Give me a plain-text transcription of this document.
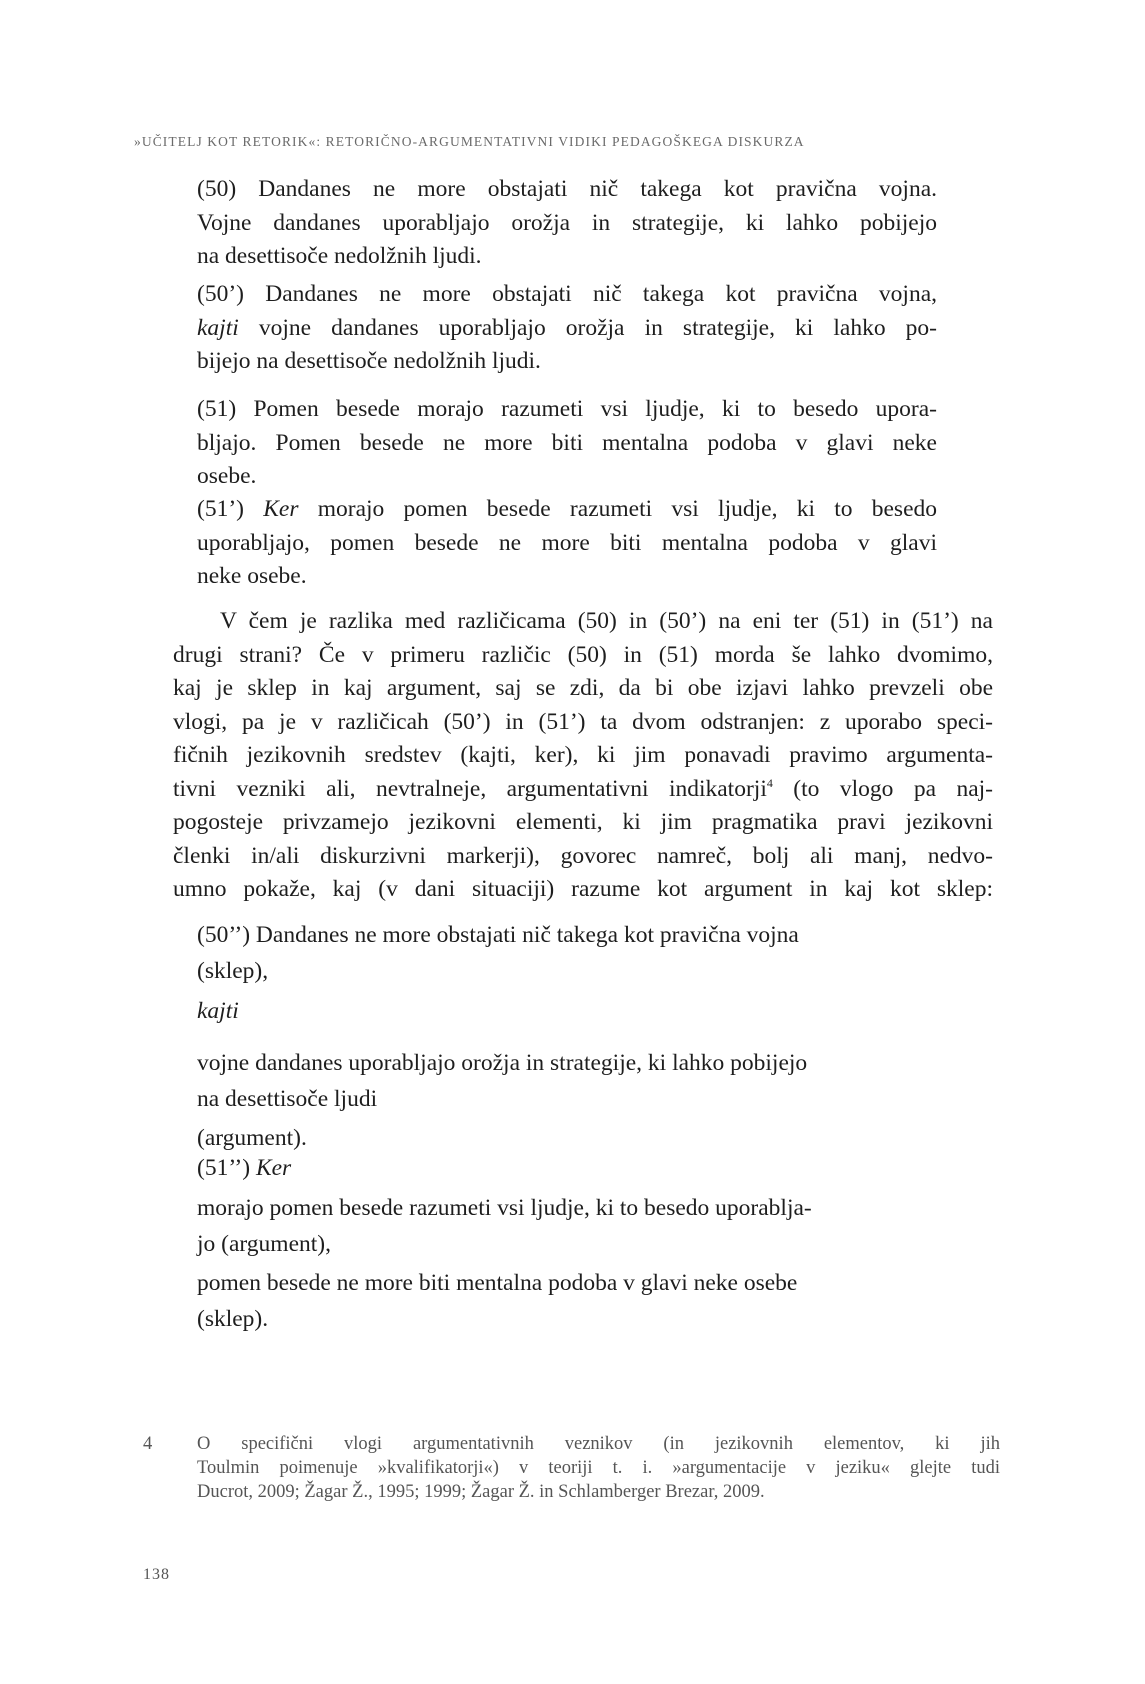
»UČITELJ KOT RETORIK«: RETORIČNO-ARGUMENTATIVNI VIDIKI PEDAGOŠKEGA DISKURZA
(50) Dandanes ne more obstajati nič takega kot pravična vojna.
Vojne dandanes uporabljajo orožja in strategije, ki lahko pobijejo
na desettisoče nedolžnih ljudi.
(50’) Dandanes ne more obstajati nič takega kot pravična vojna,
kajti vojne dandanes uporabljajo orožja in strategije, ki lahko po-
bijejo na desettisoče nedolžnih ljudi.
(51) Pomen besede morajo razumeti vsi ljudje, ki to besedo upora-
bljajo. Pomen besede ne more biti mentalna podoba v glavi neke
osebe.
(51’) Ker morajo pomen besede razumeti vsi ljudje, ki to besedo
uporabljajo, pomen besede ne more biti mentalna podoba v glavi
neke osebe.
V čem je razlika med različicama (50) in (50’) na eni ter (51) in (51’) na
drugi strani? Če v primeru različic (50) in (51) morda še lahko dvomimo,
kaj je sklep in kaj argument, saj se zdi, da bi obe izjavi lahko prevzeli obe
vlogi, pa je v različicah (50’) in (51’) ta dvom odstranjen: z uporabo speci-
fičnih jezikovnih sredstev (kajti, ker), ki jim ponavadi pravimo argumenta-
tivni vezniki ali, nevtralneje, argumentativni indikatorji$^4$ (to vlogo pa naj-
pogosteje privzamejo jezikovni elementi, ki jim pragmatika pravi jezikovni
členki in/ali diskurzivni markerji), govorec namreč, bolj ali manj, nedvo-
umno pokaže, kaj (v dani situaciji) razume kot argument in kaj kot sklep:
(50’’) Dandanes ne more obstajati nič takega kot pravična vojna
(sklep),
kajti
vojne dandanes uporabljajo orožja in strategije, ki lahko pobijejo
na desettisoče ljudi
(argument).
(51’’) Ker
morajo pomen besede razumeti vsi ljudje, ki to besedo uporablja-
jo (argument),
pomen besede ne more biti mentalna podoba v glavi neke osebe
(sklep).
4 O specifični vlogi argumentativnih veznikov (in jezikovnih elementov, ki jih
Toulmin poimenuje »kvalifikatorji«) v teoriji t. i. »argumentacije v jeziku« glejte tudi
Ducrot, 2009; Žagar Ž., 1995; 1999; Žagar Ž. in Schlamberger Brezar, 2009.
138
